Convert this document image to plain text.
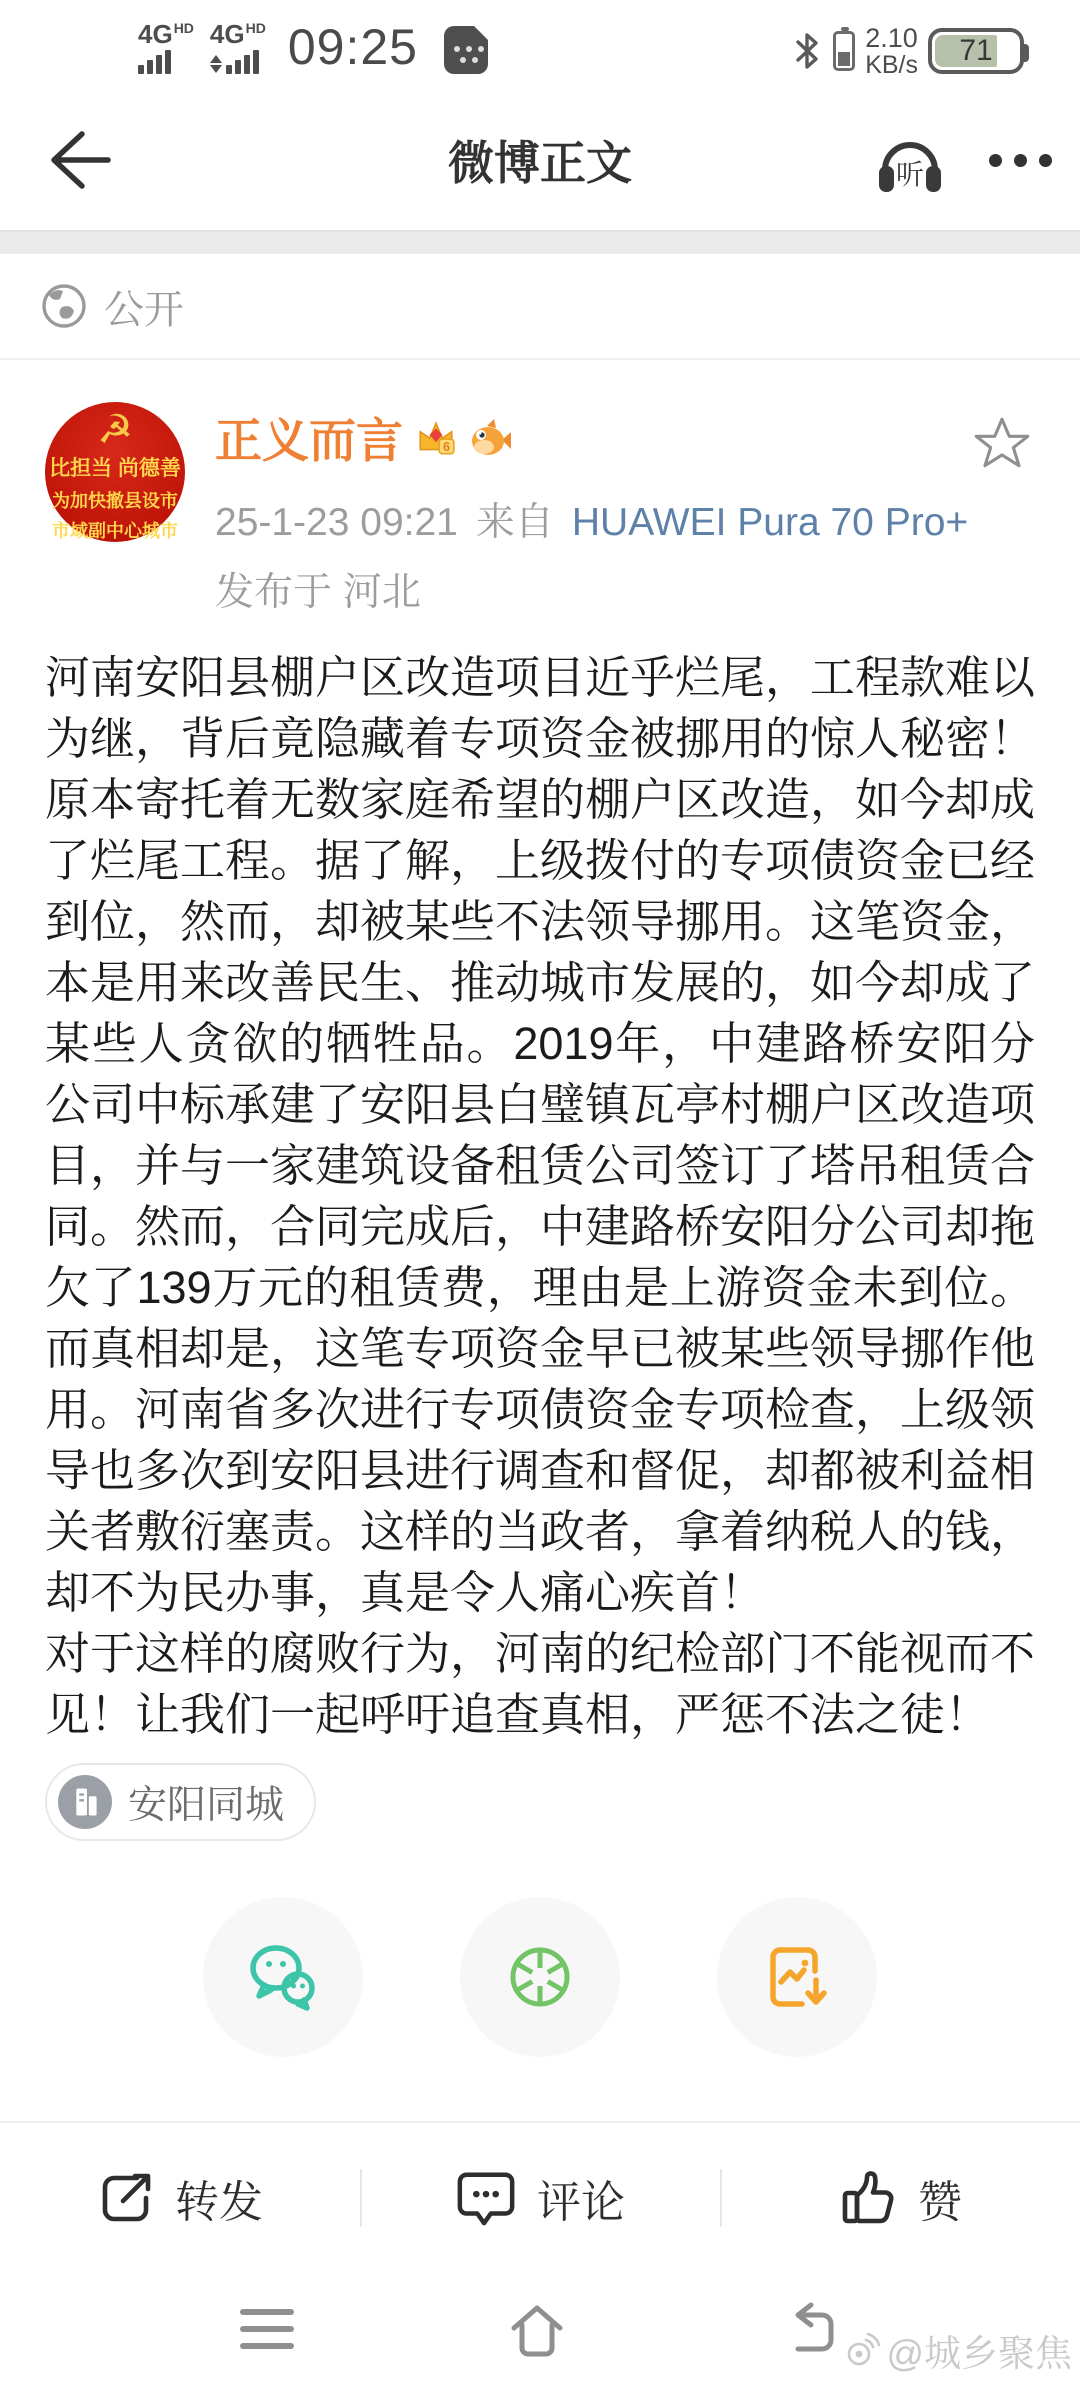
4G HD 4G HD 09:25	2.10
KB/s	71
微博正文	听
公开
☭
比担当 尚德善
为加快撤县设市
市域副中心城市
正义而言	6
25-1-23 09:21 来自 HUAWEI Pura 70 Pro+
发布于 河北

河南安阳县棚户区改造项目近乎烂尾，工程款难以为继，背后竟隐藏着专项资金被挪用的惊人秘密！原本寄托着无数家庭希望的棚户区改造，如今却成了烂尾工程。据了解，上级拨付的专项债资金已经到位，然而，却被某些不法领导挪用。这笔资金，本是用来改善民生、推动城市发展的，如今却成了某些人贪欲的牺牲品。2019年，中建路桥安阳分公司中标承建了安阳县白璧镇瓦亭村棚户区改造项目，并与一家建筑设备租赁公司签订了塔吊租赁合同。然而，合同完成后，中建路桥安阳分公司却拖欠了139万元的租赁费，理由是上游资金未到位。而真相却是，这笔专项资金早已被某些领导挪作他用。河南省多次进行专项债资金专项检查，上级领导也多次到安阳县进行调查和督促，却都被利益相关者敷衍塞责。这样的当政者，拿着纳税人的钱，却不为民办事，真是令人痛心疾首！

对于这样的腐败行为，河南的纪检部门不能视而不见！让我们一起呼吁追查真相，严惩不法之徒！

安阳同城
转发	评论	赞
@城乡聚焦
